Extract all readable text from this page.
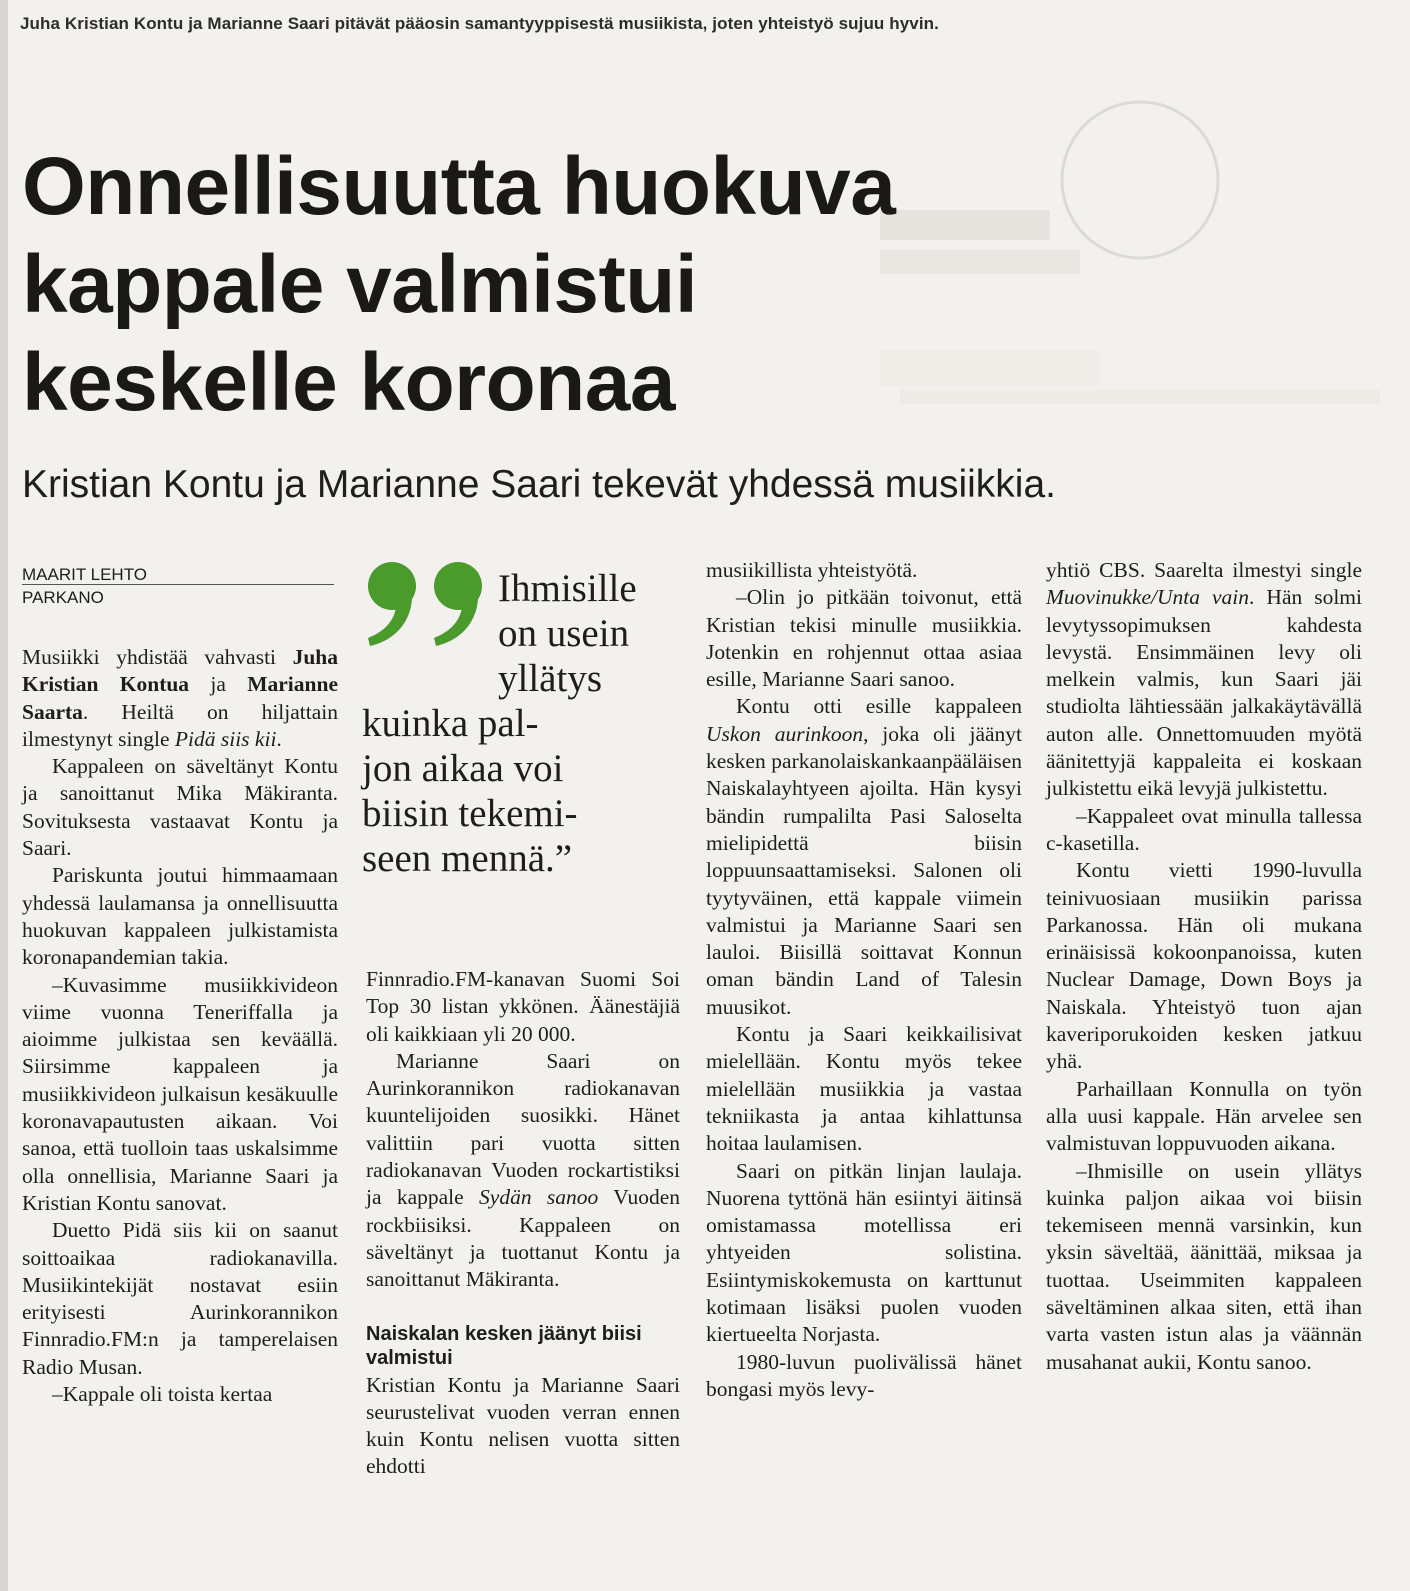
Juha Kristian Kontu ja Marianne Saari pitävät pääosin samantyyppisestä musiikista, joten yhteistyö sujuu hyvin.
Onnellisuutta huokuva
kappale valmistui
keskelle koronaa
Kristian Kontu ja Marianne Saari tekevät yhdessä musiikkia.
MAARIT LEHTO
PARKANO	Ihmisille
on usein
yllätys
kuinka pal-
jon aikaa voi
biisin tekemi-
seen mennä.”

Musiikki yhdistää vahvasti Juha Kristian Kontua ja Marianne Saarta. Heiltä on hiljattain ilmestynyt single Pidä siis kii.

Kappaleen on säveltänyt Kontu ja sanoittanut Mika Mäkiranta. Sovituksesta vastaavat Kontu ja Saari.

Pariskunta joutui himmaamaan yhdessä laulamansa ja onnellisuutta huokuvan kappaleen julkistamista koronapandemian takia.

–Kuvasimme musiikkivideon viime vuonna Teneriffalla ja aioimme julkistaa sen keväällä. Siirsimme kappaleen ja musiikkivideon julkaisun kesäkuulle koronavapautusten aikaan. Voi sanoa, että tuolloin taas uskalsimme olla onnellisia, Marianne Saari ja Kristian Kontu sanovat.

Duetto Pidä siis kii on saanut soittoaikaa radiokanavilla. Musiikintekijät nostavat esiin erityisesti Aurinkorannikon Finnradio.FM:n ja tamperelaisen Radio Musan.

–Kappale oli toista kertaa

Finnradio.FM-kanavan Suomi Soi Top 30 listan ykkönen. Äänestäjiä oli kaikkiaan yli 20 000.

Marianne Saari on Aurinkorannikon radiokanavan kuuntelijoiden suosikki. Hänet valittiin pari vuotta sitten radiokanavan Vuoden rockartistiksi ja kappale Sydän sanoo Vuoden rockbiisiksi. Kappaleen on säveltänyt ja tuottanut Kontu ja sanoittanut Mäkiranta.

Naiskalan kesken jäänyt biisi valmistui

Kristian Kontu ja Marianne Saari seurustelivat vuoden verran ennen kuin Kontu nelisen vuotta sitten ehdotti

musiikillista yhteistyötä.

–Olin jo pitkään toivonut, että Kristian tekisi minulle musiikkia. Jotenkin en rohjennut ottaa asiaa esille, Marianne Saari sanoo.

Kontu otti esille kappaleen Uskon aurinkoon, joka oli jäänyt kesken parkanolaiskankaanpääläisen Naiskalayhtyeen ajoilta. Hän kysyi bändin rumpalilta Pasi Saloselta mielipidettä biisin loppuunsaattamiseksi. Salonen oli tyytyväinen, että kappale viimein valmistui ja Marianne Saari sen lauloi. Biisillä soittavat Konnun oman bändin Land of Talesin muusikot.

Kontu ja Saari keikkailisivat mielellään. Kontu myös tekee mielellään musiikkia ja vastaa tekniikasta ja antaa kihlattunsa hoitaa laulamisen.

Saari on pitkän linjan laulaja. Nuorena tyttönä hän esiintyi äitinsä omistamassa motellissa eri yhtyeiden solistina. Esiintymiskokemusta on karttunut kotimaan lisäksi puolen vuoden kiertueelta Norjasta.

1980-luvun puolivälissä hänet bongasi myös levy-

yhtiö CBS. Saarelta ilmestyi single Muovinukke/Unta vain. Hän solmi levytyssopimuksen kahdesta levystä. Ensimmäinen levy oli melkein valmis, kun Saari jäi studiolta lähtiessään jalkakäytävällä auton alle. Onnettomuuden myötä äänitettyjä kappaleita ei koskaan julkistettu eikä levyjä julkistettu.

–Kappaleet ovat minulla tallessa c-kasetilla.

Kontu vietti 1990-luvulla teinivuosiaan musiikin parissa Parkanossa. Hän oli mukana erinäisissä kokoonpanoissa, kuten Nuclear Damage, Down Boys ja Naiskala. Yhteistyö tuon ajan kaveriporukoiden kesken jatkuu yhä.

Parhaillaan Konnulla on työn alla uusi kappale. Hän arvelee sen valmistuvan loppuvuoden aikana.

–Ihmisille on usein yllätys kuinka paljon aikaa voi biisin tekemiseen mennä varsinkin, kun yksin säveltää, äänittää, miksaa ja tuottaa. Useimmiten kappaleen säveltäminen alkaa siten, että ihan varta vasten istun alas ja väännän musahanat aukii, Kontu sanoo.
